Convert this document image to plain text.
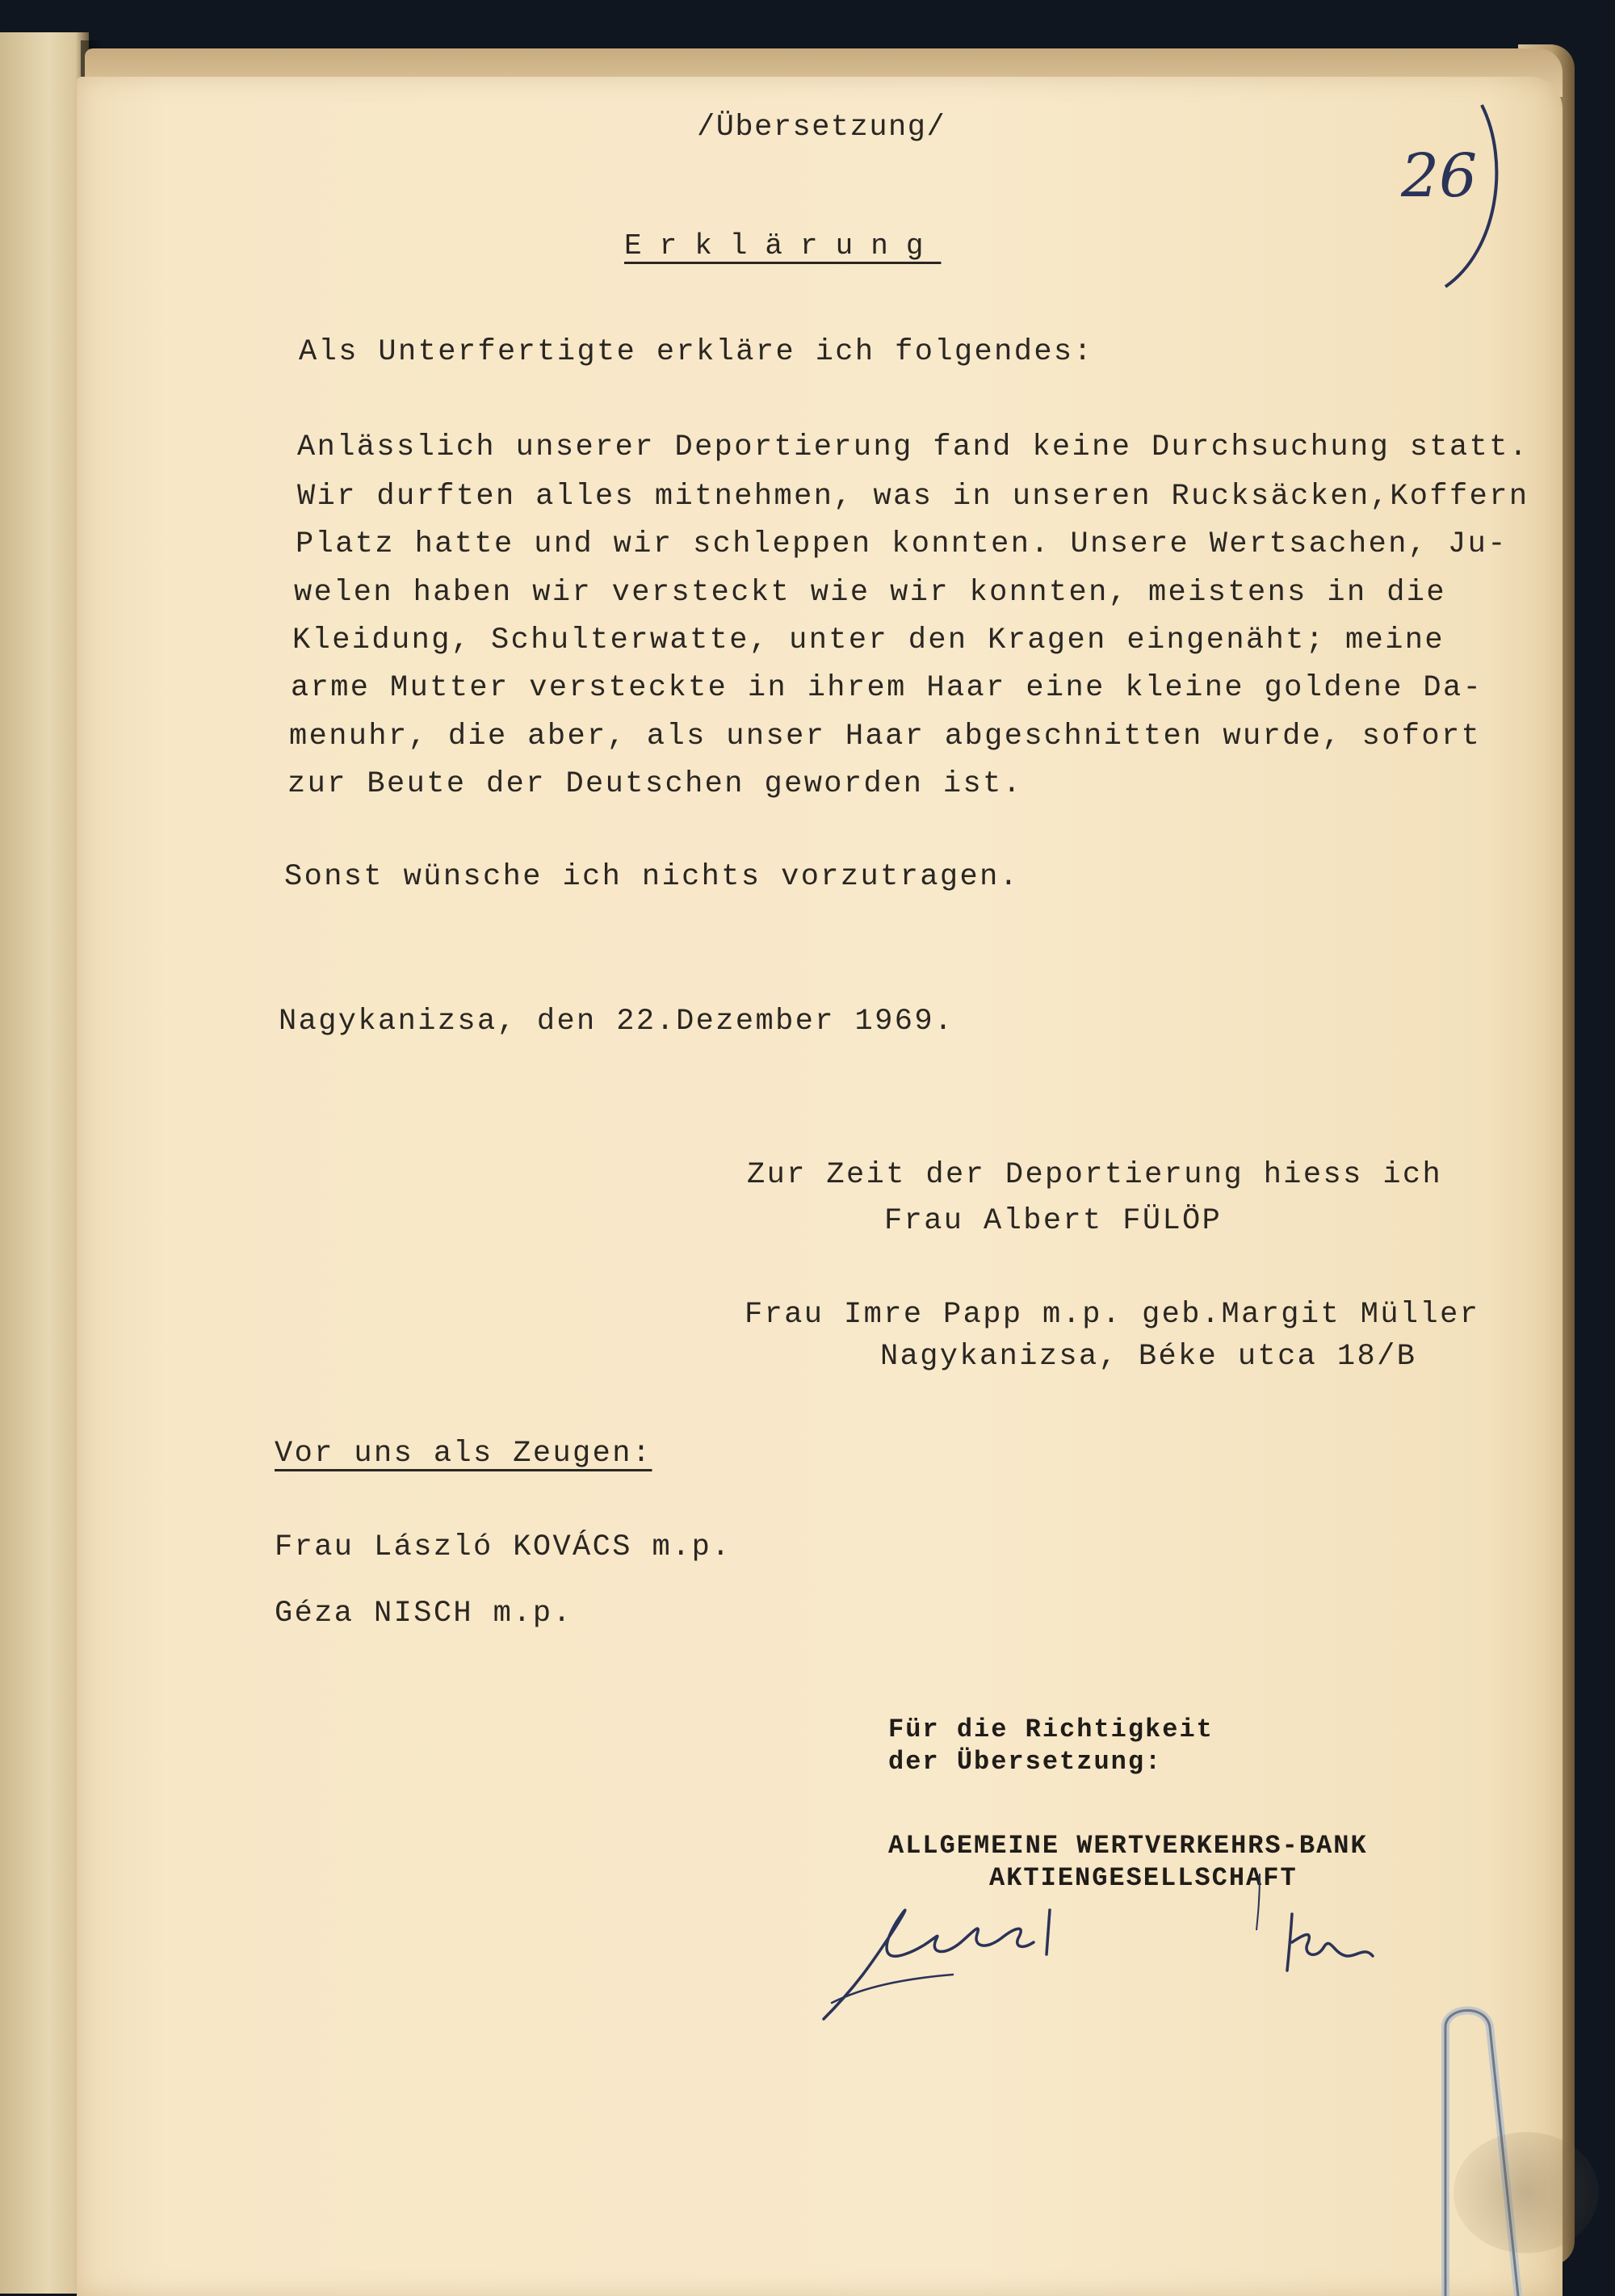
/Übersetzung/

26

Erklärung

Als Unterfertigte erkläre ich folgendes:

Anlässlich unserer Deportierung fand keine Durchsuchung statt.

Wir durften alles mitnehmen, was in unseren Rucksäcken,Koffern

Platz hatte und wir schleppen konnten. Unsere Wertsachen, Ju-

welen haben wir versteckt wie wir konnten, meistens in die

Kleidung, Schulterwatte, unter den Kragen eingenäht; meine

arme Mutter versteckte in ihrem Haar eine kleine goldene Da-

menuhr, die aber, als unser Haar abgeschnitten wurde, sofort

zur Beute der Deutschen geworden ist.

Sonst wünsche ich nichts vorzutragen.

Nagykanizsa, den 22.Dezember 1969.

Zur Zeit der Deportierung hiess ich

Frau Albert FÜLÖP

Frau Imre Papp m.p. geb.Margit Müller

Nagykanizsa, Béke utca 18/B

Vor uns als Zeugen:

Frau László KOVÁCS m.p.

Géza NISCH m.p.

Für die Richtigkeit

der Übersetzung:

ALLGEMEINE WERTVERKEHRS-BANK

AKTIENGESELLSCHAFT
